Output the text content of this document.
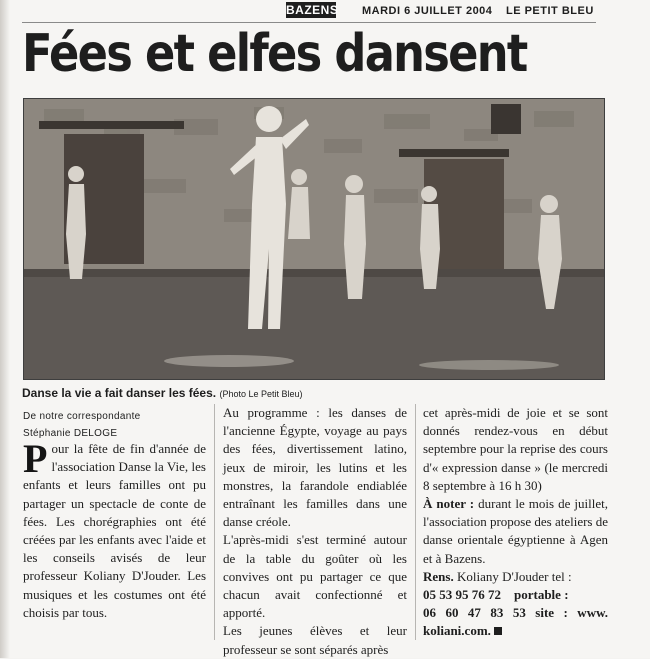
BAZENS MARDI 6 JUILLET 2004 LE PETIT BLEU
Fées et elfes dansent
Danse la vie a fait danser les fées. (Photo Le Petit Bleu)
De notre correspondante
Stéphanie DELOGE
P our la fête de fin d'année de l'association Danse la Vie, les enfants et leurs familles ont pu partager un spectacle de conte de fées. Les chorégraphies ont été créées par les enfants avec l'aide et les conseils avisés de leur professeur Koliany D'Jouder. Les musiques et les costumes ont été choisis par tous.

Au programme : les danses de l'ancienne Égypte, voyage au pays des fées, divertissement latino, jeux de miroir, les lutins et les monstres, la farandole endiablée entraînant les familles dans une danse créole.

L'après-midi s'est terminé autour de la table du goûter où les convives ont pu partager ce que chacun avait confectionné et apporté.

Les jeunes élèves et leur professeur se sont séparés après

cet après-midi de joie et se sont donnés rendez-vous en début septembre pour la reprise des cours d'« expression danse » (le mercredi 8 septembre à 16 h 30)

À noter : durant le mois de juillet, l'association propose des ateliers de danse orientale égyptienne à Agen et à Bazens.

Rens. Koliany D'Jouder tel :
05 53 95 76 72 portable :
06 60 47 83 53 site : www. koliani.com.
